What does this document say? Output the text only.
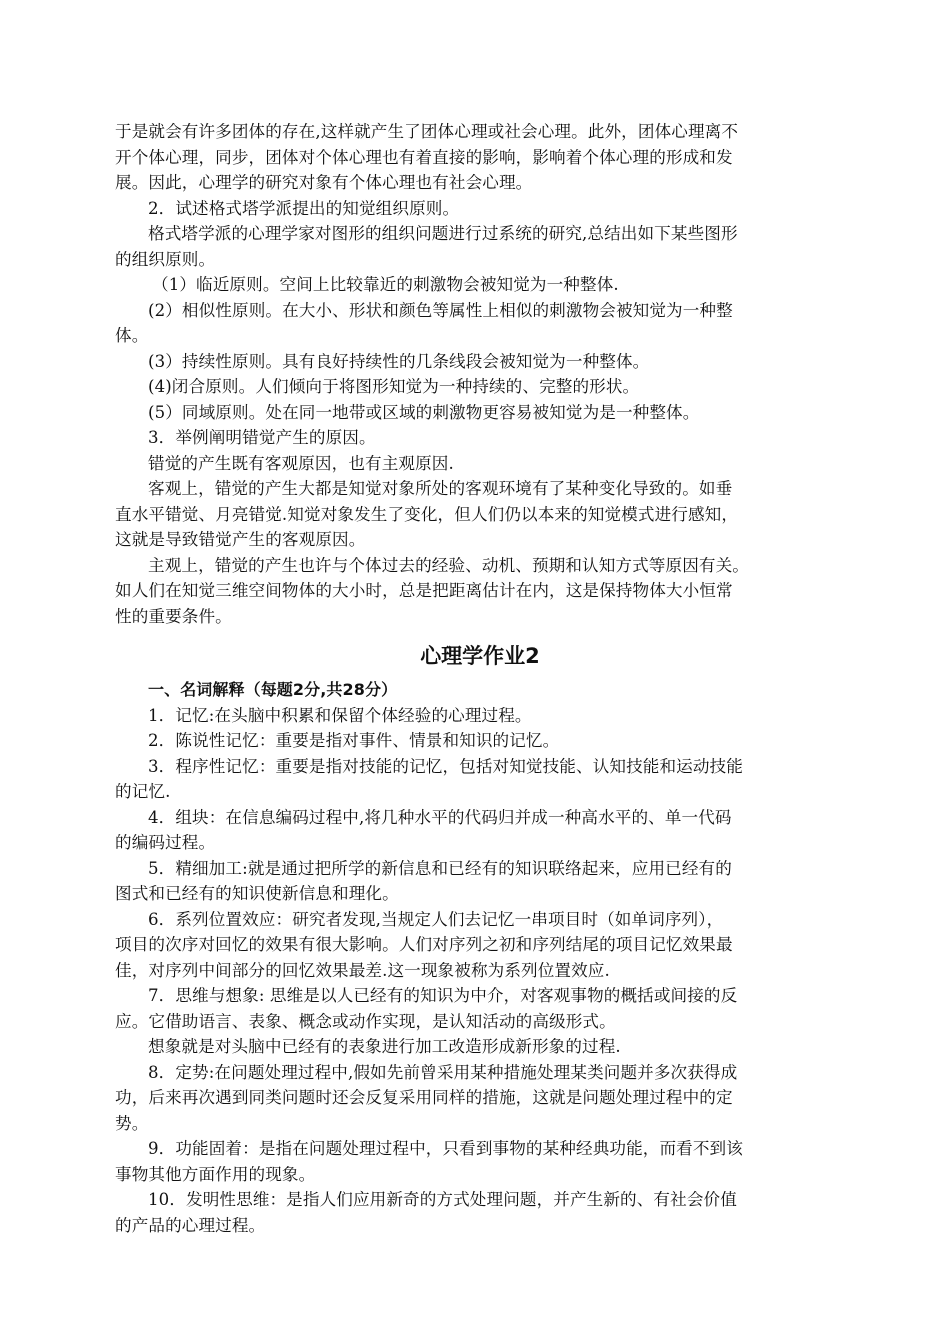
于是就会有许多团体的存在,这样就产生了团体心理或社会心理。此外，团体心理离不
开个体心理，同步，团体对个体心理也有着直接的影响，影响着个体心理的形成和发
展。因此，心理学的研究对象有个体心理也有社会心理。
2．试述格式塔学派提出的知觉组织原则。
格式塔学派的心理学家对图形的组织问题进行过系统的研究,总结出如下某些图形
的组织原则。
（1）临近原则。空间上比较靠近的刺激物会被知觉为一种整体.
(2）相似性原则。在大小、形状和颜色等属性上相似的刺激物会被知觉为一种整
体。
(3）持续性原则。具有良好持续性的几条线段会被知觉为一种整体。
(4)闭合原则。人们倾向于将图形知觉为一种持续的、完整的形状。
(5）同域原则。处在同一地带或区域的刺激物更容易被知觉为是一种整体。
3．举例阐明错觉产生的原因。
错觉的产生既有客观原因，也有主观原因.
客观上，错觉的产生大都是知觉对象所处的客观环境有了某种变化导致的。如垂
直水平错觉、月亮错觉.知觉对象发生了变化，但人们仍以本来的知觉模式进行感知，
这就是导致错觉产生的客观原因。
主观上，错觉的产生也许与个体过去的经验、动机、预期和认知方式等原因有关。
如人们在知觉三维空间物体的大小时，总是把距离估计在内，这是保持物体大小恒常
性的重要条件。
心理学作业2
一、名词解释（每题2分,共28分）
1．记忆:在头脑中积累和保留个体经验的心理过程。
2．陈说性记忆：重要是指对事件、情景和知识的记忆。
3．程序性记忆：重要是指对技能的记忆，包括对知觉技能、认知技能和运动技能
的记忆.
4．组块：在信息编码过程中,将几种水平的代码归并成一种高水平的、单一代码
的编码过程。
5．精细加工:就是通过把所学的新信息和已经有的知识联络起来，应用已经有的
图式和已经有的知识使新信息和理化。
6．系列位置效应：研究者发现,当规定人们去记忆一串项目时（如单词序列），
项目的次序对回忆的效果有很大影响。人们对序列之初和序列结尾的项目记忆效果最
佳，对序列中间部分的回忆效果最差.这一现象被称为系列位置效应.
7．思维与想象: 思维是以人已经有的知识为中介，对客观事物的概括或间接的反
应。它借助语言、表象、概念或动作实现，是认知活动的高级形式。
想象就是对头脑中已经有的表象进行加工改造形成新形象的过程.
8．定势:在问题处理过程中,假如先前曾采用某种措施处理某类问题并多次获得成
功，后来再次遇到同类问题时还会反复采用同样的措施，这就是问题处理过程中的定
势。
9．功能固着：是指在问题处理过程中，只看到事物的某种经典功能，而看不到该
事物其他方面作用的现象。
10．发明性思维：是指人们应用新奇的方式处理问题，并产生新的、有社会价值
的产品的心理过程。
